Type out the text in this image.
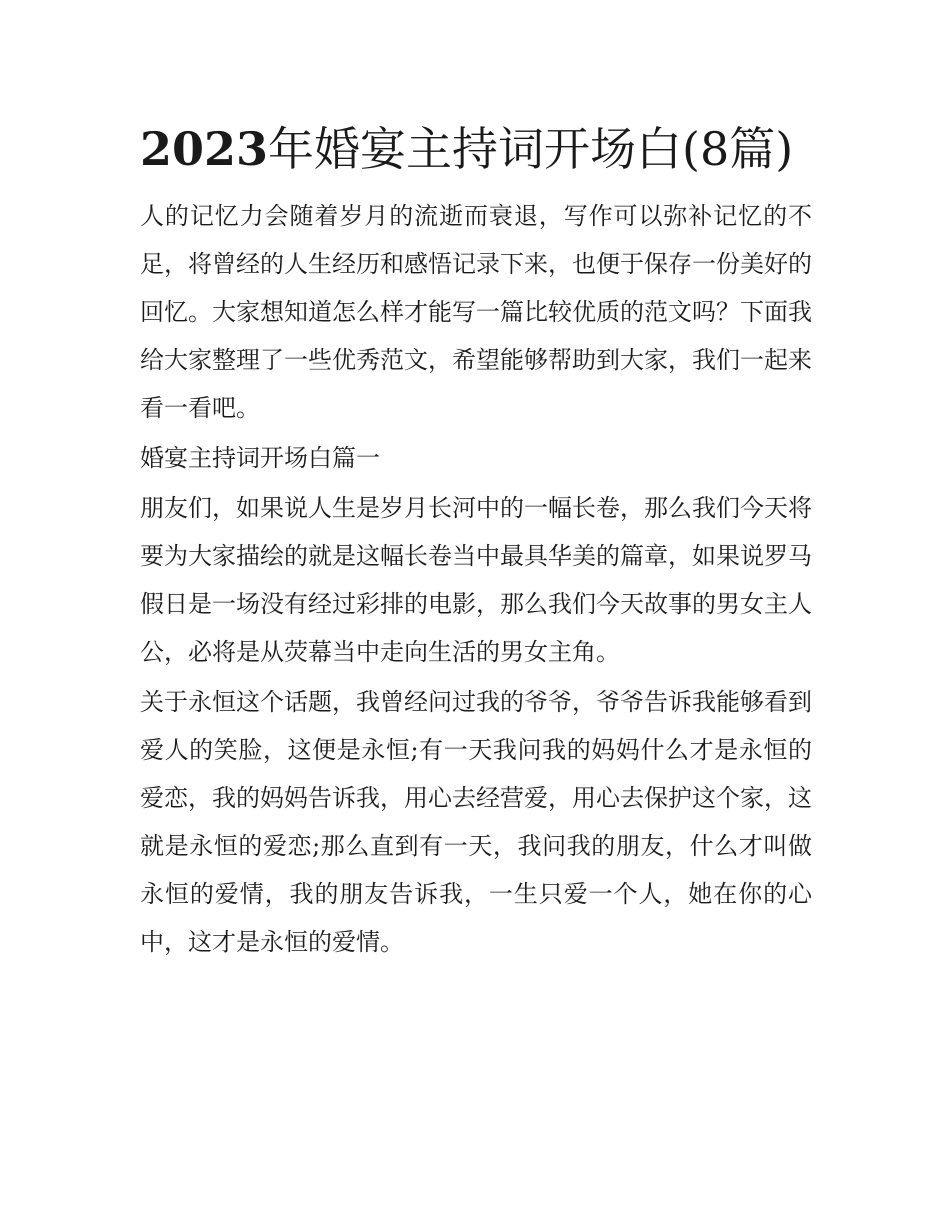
2023年婚宴主持词开场白(8篇)

人的记忆力会随着岁月的流逝而衰退，写作可以弥补记忆的不足，将曾经的人生经历和感悟记录下来，也便于保存一份美好的回忆。大家想知道怎么样才能写一篇比较优质的范文吗？下面我给大家整理了一些优秀范文，希望能够帮助到大家，我们一起来看一看吧。

婚宴主持词开场白篇一

朋友们，如果说人生是岁月长河中的一幅长卷，那么我们今天将要为大家描绘的就是这幅长卷当中最具华美的篇章，如果说罗马假日是一场没有经过彩排的电影，那么我们今天故事的男女主人公，必将是从荧幕当中走向生活的男女主角。

关于永恒这个话题，我曾经问过我的爷爷，爷爷告诉我能够看到爱人的笑脸，这便是永恒;有一天我问我的妈妈什么才是永恒的爱恋，我的妈妈告诉我，用心去经营爱，用心去保护这个家，这就是永恒的爱恋;那么直到有一天，我问我的朋友，什么才叫做永恒的爱情，我的朋友告诉我，一生只爱一个人，她在你的心中，这才是永恒的爱情。
